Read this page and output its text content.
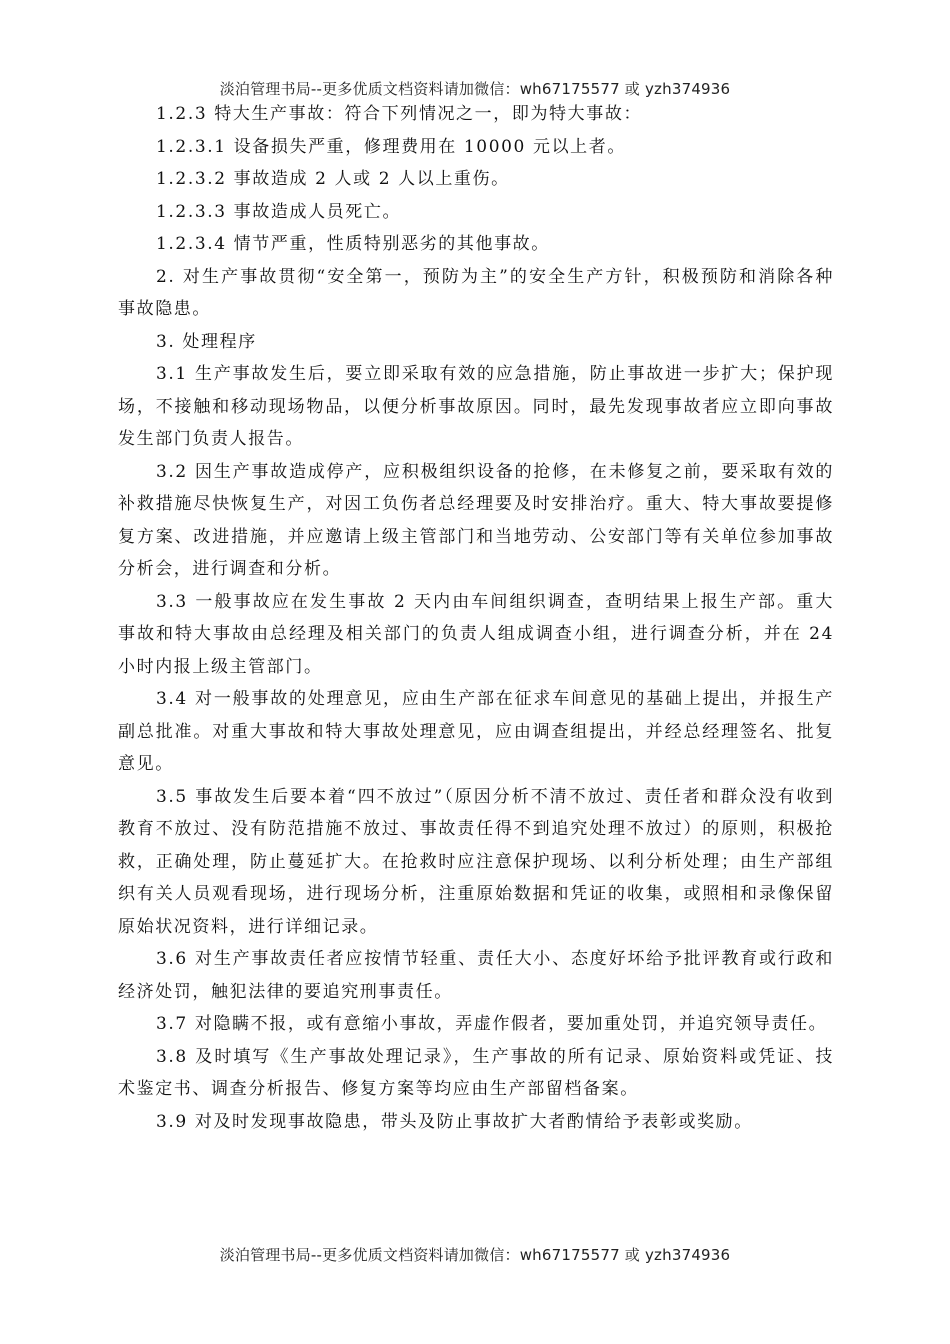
淡泊管理书局--更多优质文档资料请加微信：wh67175577 或 yzh374936

1.2.3 特大生产事故：符合下列情况之一，即为特大事故：

1.2.3.1 设备损失严重，修理费用在 10000 元以上者。

1.2.3.2 事故造成 2 人或 2 人以上重伤。

1.2.3.3 事故造成人员死亡。

1.2.3.4 情节严重，性质特别恶劣的其他事故。

2. 对生产事故贯彻“安全第一，预防为主”的安全生产方针，积极预防和消除各种事故隐患。

3. 处理程序

3.1 生产事故发生后，要立即采取有效的应急措施，防止事故进一步扩大；保护现场，不接触和移动现场物品，以便分析事故原因。同时，最先发现事故者应立即向事故发生部门负责人报告。

3.2 因生产事故造成停产，应积极组织设备的抢修，在未修复之前，要采取有效的补救措施尽快恢复生产，对因工负伤者总经理要及时安排治疗。重大、特大事故要提修复方案、改进措施，并应邀请上级主管部门和当地劳动、公安部门等有关单位参加事故分析会，进行调查和分析。

3.3 一般事故应在发生事故 2 天内由车间组织调查，查明结果上报生产部。重大事故和特大事故由总经理及相关部门的负责人组成调查小组，进行调查分析，并在 24 小时内报上级主管部门。

3.4 对一般事故的处理意见，应由生产部在征求车间意见的基础上提出，并报生产副总批准。对重大事故和特大事故处理意见，应由调查组提出，并经总经理签名、批复意见。

3.5 事故发生后要本着“四不放过”（原因分析不清不放过、责任者和群众没有收到教育不放过、没有防范措施不放过、事故责任得不到追究处理不放过）的原则，积极抢救，正确处理，防止蔓延扩大。在抢救时应注意保护现场、以利分析处理；由生产部组织有关人员观看现场，进行现场分析，注重原始数据和凭证的收集，或照相和录像保留原始状况资料，进行详细记录。

3.6 对生产事故责任者应按情节轻重、责任大小、态度好坏给予批评教育或行政和经济处罚，触犯法律的要追究刑事责任。

3.7 对隐瞒不报，或有意缩小事故，弄虚作假者，要加重处罚，并追究领导责任。

3.8 及时填写《生产事故处理记录》，生产事故的所有记录、原始资料或凭证、技术鉴定书、调查分析报告、修复方案等均应由生产部留档备案。

3.9 对及时发现事故隐患，带头及防止事故扩大者酌情给予表彰或奖励。

淡泊管理书局--更多优质文档资料请加微信：wh67175577 或 yzh374936
